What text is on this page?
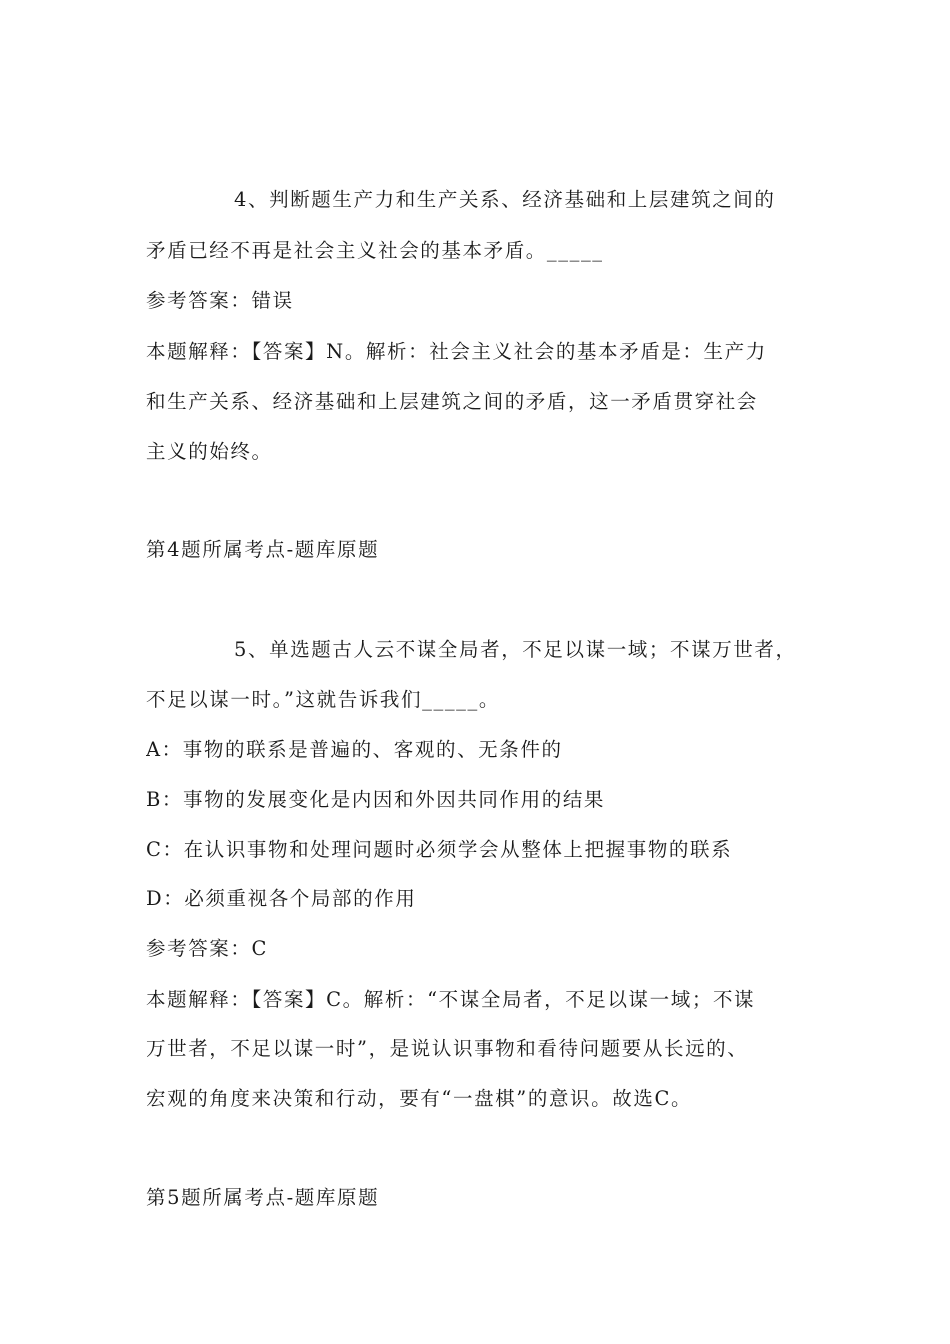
4、判断题生产力和生产关系、经济基础和上层建筑之间的
矛盾已经不再是社会主义社会的基本矛盾。_____
参考答案：错误
本题解释：【答案】N。解析：社会主义社会的基本矛盾是：生产力
和生产关系、经济基础和上层建筑之间的矛盾，这一矛盾贯穿社会
主义的始终。
第4题所属考点-题库原题
5、单选题古人云不谋全局者，不足以谋一域；不谋万世者，
不足以谋一时。”这就告诉我们_____。
A：事物的联系是普遍的、客观的、无条件的
B：事物的发展变化是内因和外因共同作用的结果
C：在认识事物和处理问题时必须学会从整体上把握事物的联系
D：必须重视各个局部的作用
参考答案：C
本题解释：【答案】C。解析：“不谋全局者，不足以谋一域；不谋
万世者，不足以谋一时”，是说认识事物和看待问题要从长远的、
宏观的角度来决策和行动，要有“一盘棋”的意识。故选C。
第5题所属考点-题库原题
